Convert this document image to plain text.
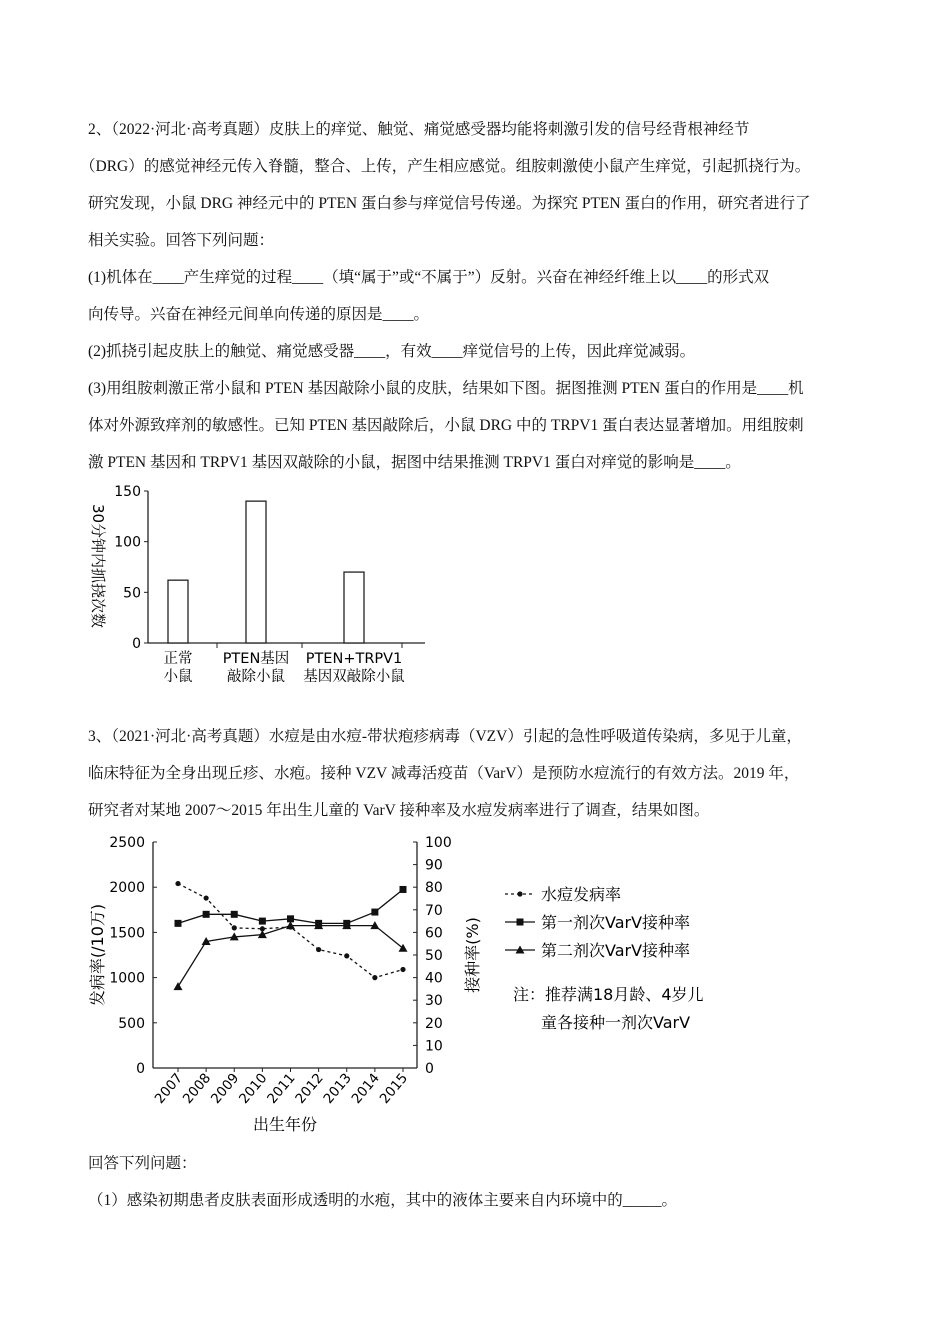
2、（2022·河北·高考真题）皮肤上的痒觉、触觉、痛觉感受器均能将刺激引发的信号经背根神经节

（DRG）的感觉神经元传入脊髓，整合、上传，产生相应感觉。组胺刺激使小鼠产生痒觉，引起抓挠行为。

研究发现，小鼠 DRG 神经元中的 PTEN 蛋白参与痒觉信号传递。为探究 PTEN 蛋白的作用，研究者进行了

相关实验。回答下列问题：

(1)机体在____产生痒觉的过程____（填“属于”或“不属于”）反射。兴奋在神经纤维上以____的形式双

向传导。兴奋在神经元间单向传递的原因是____。

(2)抓挠引起皮肤上的触觉、痛觉感受器____，有效____痒觉信号的上传，因此痒觉减弱。

(3)用组胺刺激正常小鼠和 PTEN 基因敲除小鼠的皮肤，结果如下图。据图推测 PTEN 蛋白的作用是____机

体对外源致痒剂的敏感性。已知 PTEN 基因敲除后，小鼠 DRG 中的 TRPV1 蛋白表达显著增加。用组胺刺

激 PTEN 基因和 TRPV1 基因双敲除的小鼠，据图中结果推测 TRPV1 蛋白对痒觉的影响是____。

0
50
100
150
30分钟内抓挠次数
正常
小鼠
PTEN基因
敲除小鼠
PTEN+TRPV1
基因双敲除小鼠

3、（2021·河北·高考真题）水痘是由水痘-带状疱疹病毒（VZV）引起的急性呼吸道传染病，多见于儿童，

临床特征为全身出现丘疹、水疱。接种 VZV 减毒活疫苗（VarV）是预防水痘流行的有效方法。2019 年，

研究者对某地 2007～2015 年出生儿童的 VarV 接种率及水痘发病率进行了调查，结果如图。

0
500
1000
1500
2000
2500
0
10
20
30
40
50
60
70
80
90
100
2007
2008
2009
2010
2011
2012
2013
2014
2015
出生年份
发病率(/10万)	接种率(%)
水痘发病率
第一剂次VarV接种率
第二剂次VarV接种率
注：推荐满18月龄、4岁儿
童各接种一剂次VarV

回答下列问题：

（1）感染初期患者皮肤表面形成透明的水疱，其中的液体主要来自内环境中的_____。
